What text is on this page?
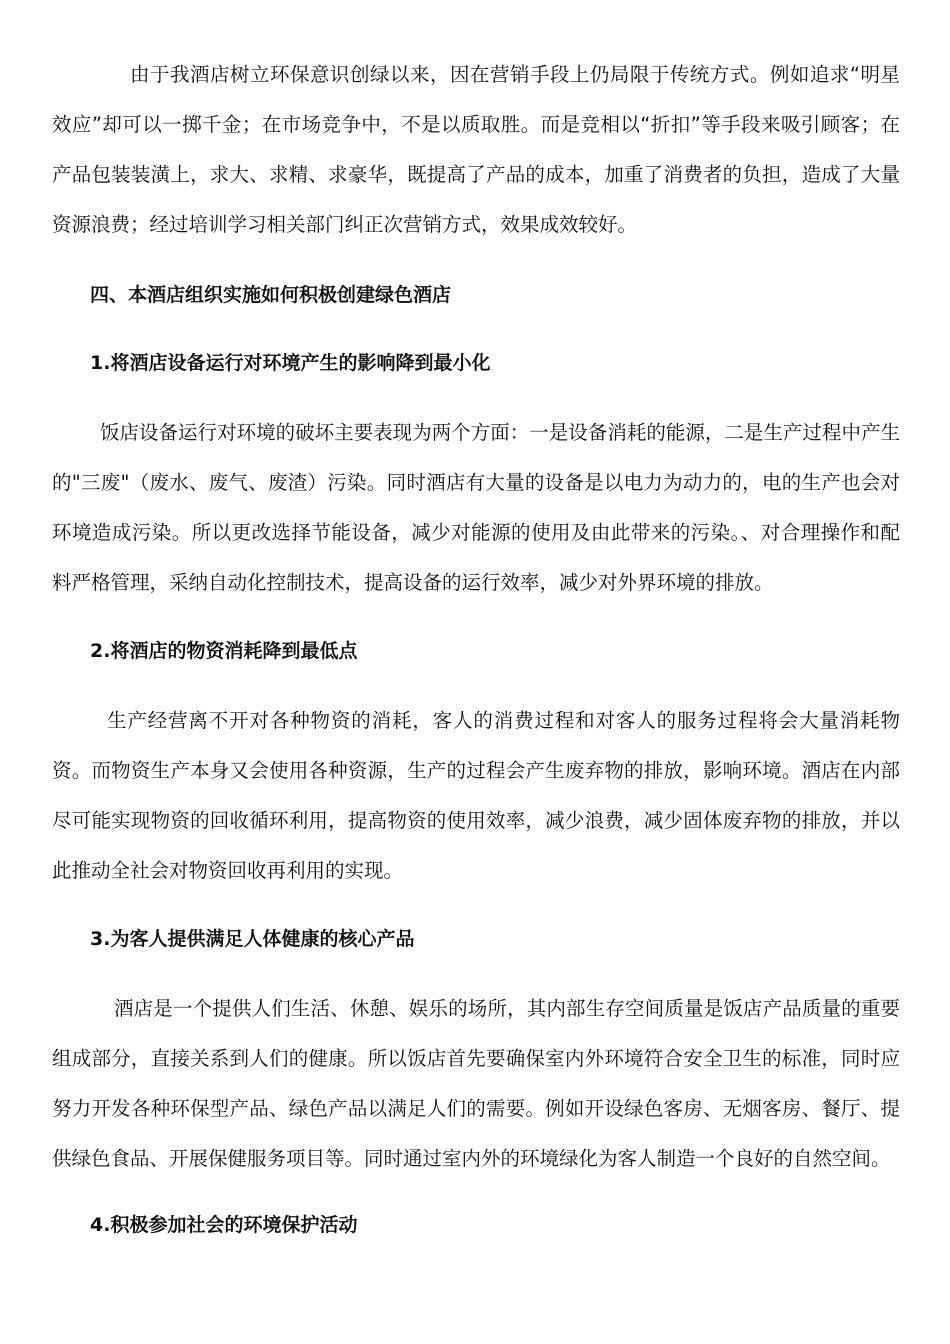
由于我酒店树立环保意识创绿以来，因在营销手段上仍局限于传统方式。例如追求“明星效应”却可以一掷千金；在市场竞争中，不是以质取胜。而是竞相以“折扣”等手段来吸引顾客；在产品包装装潢上，求大、求精、求豪华，既提高了产品的成本，加重了消费者的负担，造成了大量资源浪费；经过培训学习相关部门纠正次营销方式，效果成效较好。

四、本酒店组织实施如何积极创建绿色酒店
1.将酒店设备运行对环境产生的影响降到最小化

饭店设备运行对环境的破坏主要表现为两个方面：一是设备消耗的能源，二是生产过程中产生的"三废"（废水、废气、废渣）污染。同时酒店有大量的设备是以电力为动力的，电的生产也会对环境造成污染。所以更改选择节能设备，减少对能源的使用及由此带来的污染。、对合理操作和配料严格管理，采纳自动化控制技术，提高设备的运行效率，减少对外界环境的排放。

2.将酒店的物资消耗降到最低点

生产经营离不开对各种物资的消耗，客人的消费过程和对客人的服务过程将会大量消耗物资。而物资生产本身又会使用各种资源，生产的过程会产生废弃物的排放，影响环境。酒店在内部尽可能实现物资的回收循环利用，提高物资的使用效率，减少浪费，减少固体废弃物的排放，并以此推动全社会对物资回收再利用的实现。

3.为客人提供满足人体健康的核心产品

酒店是一个提供人们生活、休憩、娱乐的场所，其内部生存空间质量是饭店产品质量的重要组成部分，直接关系到人们的健康。所以饭店首先要确保室内外环境符合安全卫生的标准，同时应努力开发各种环保型产品、绿色产品以满足人们的需要。例如开设绿色客房、无烟客房、餐厅、提供绿色食品、开展保健服务项目等。同时通过室内外的环境绿化为客人制造一个良好的自然空间。

4.积极参加社会的环境保护活动
